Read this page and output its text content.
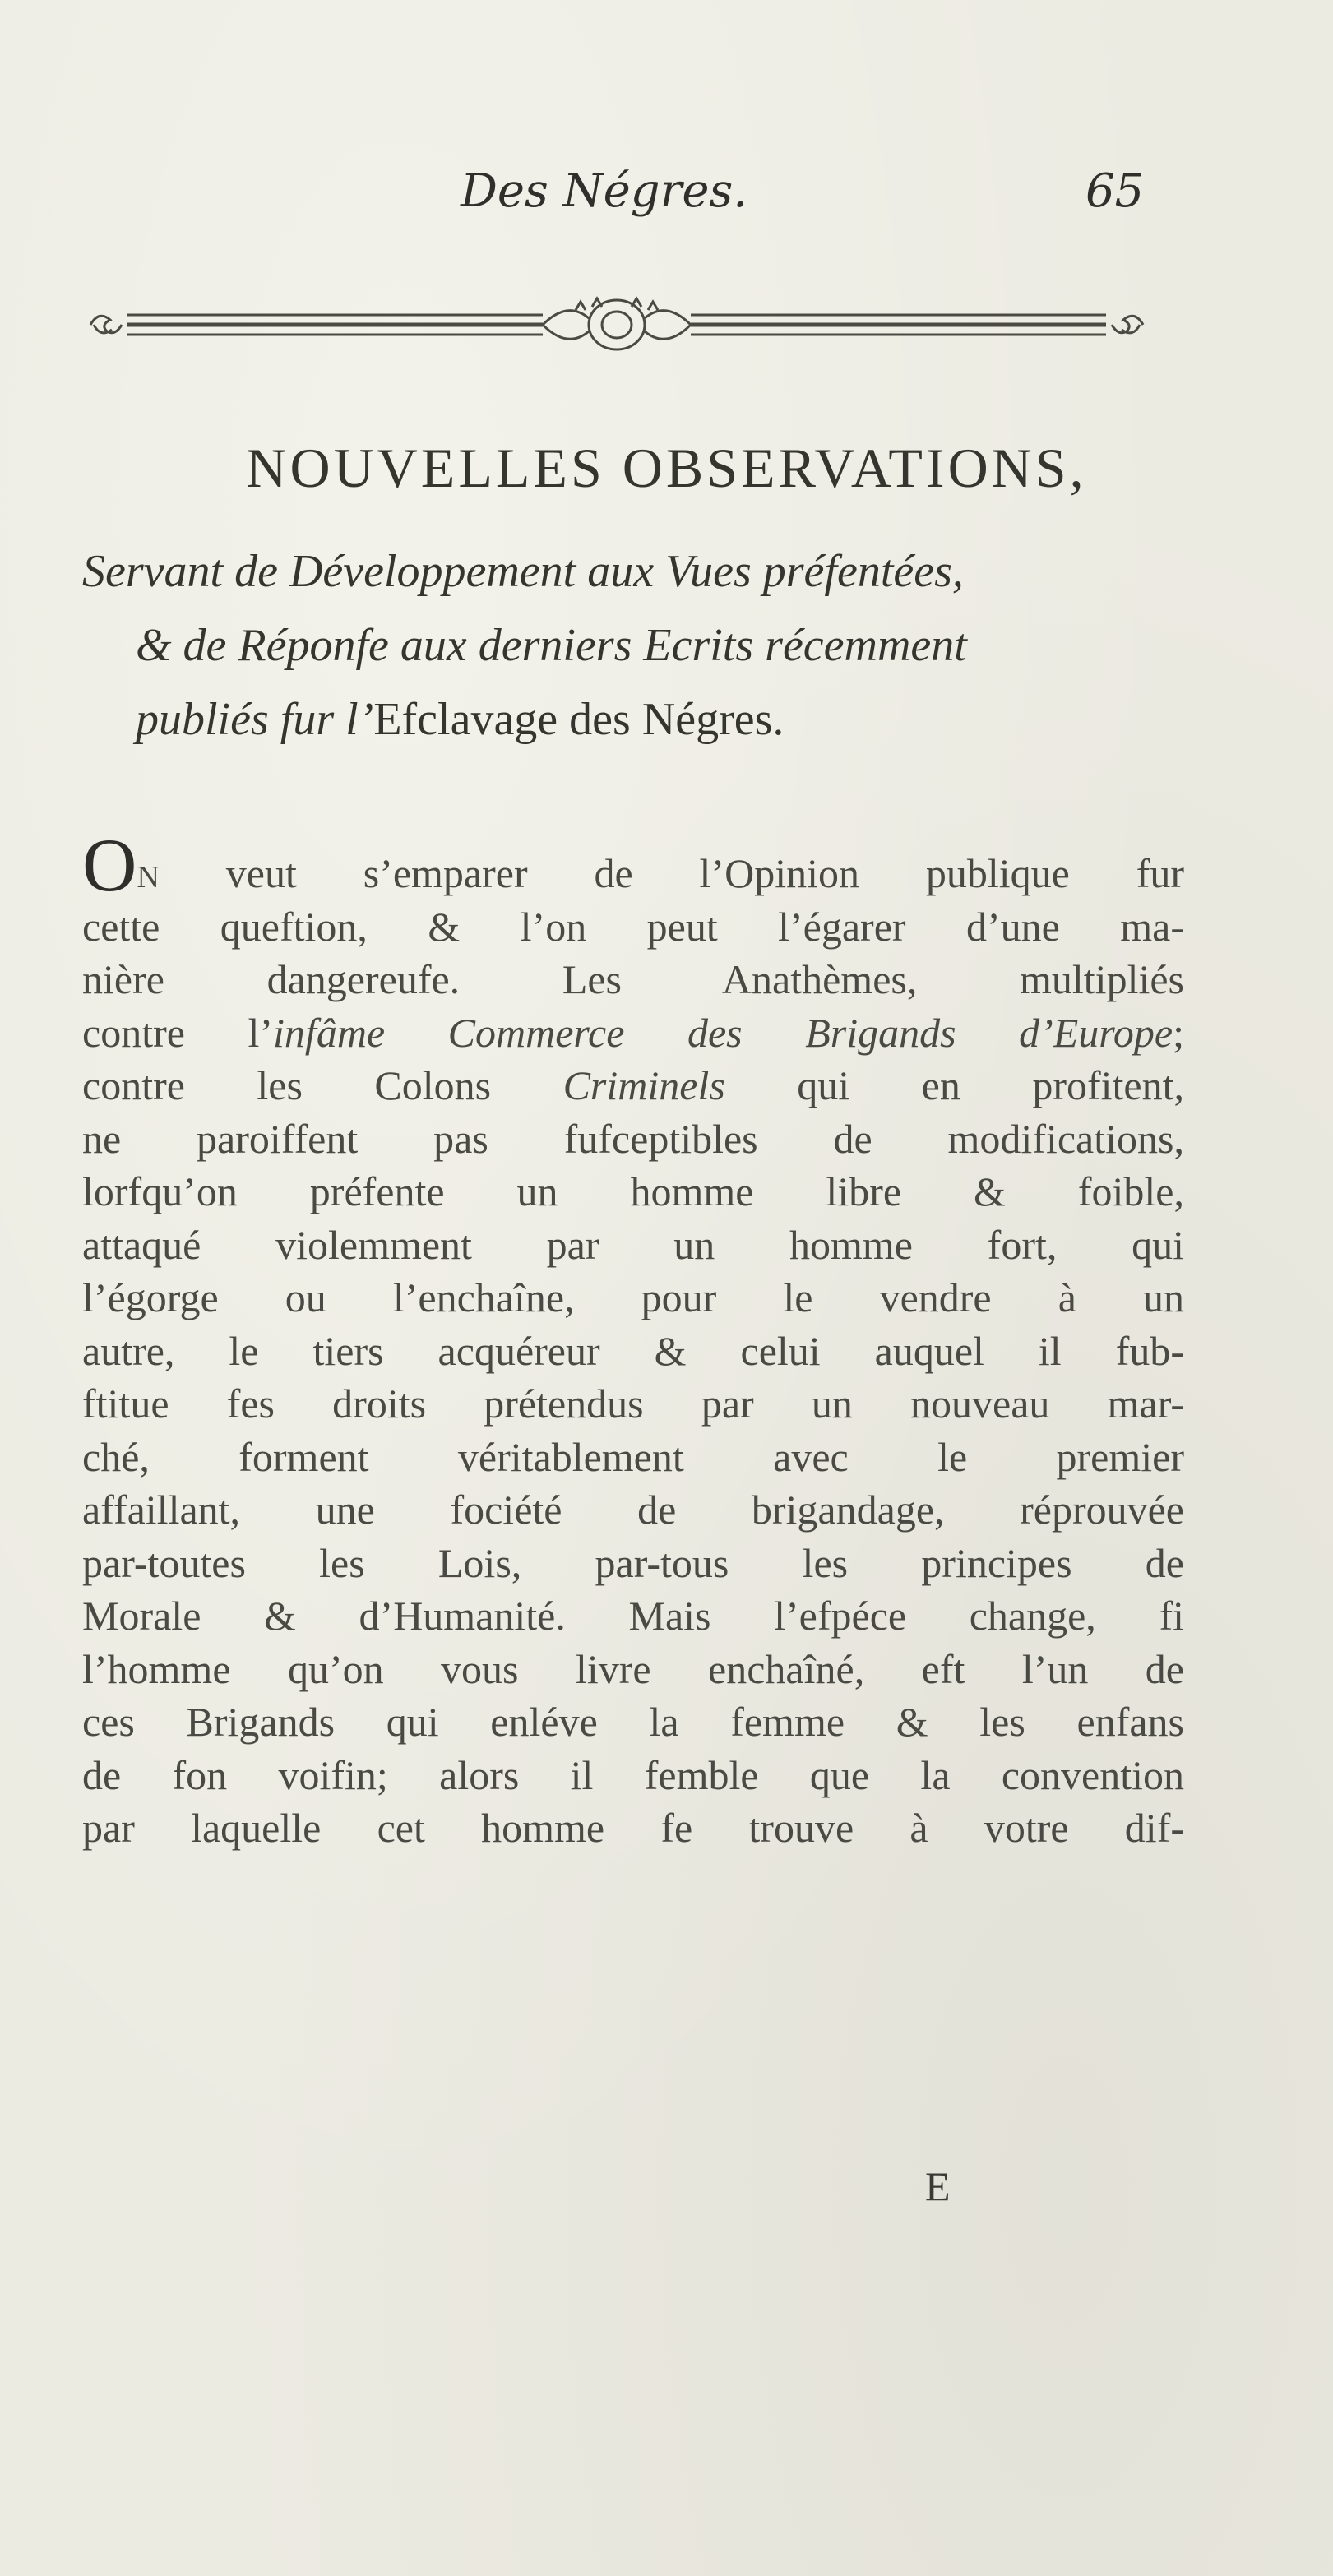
Des Négres.	65
NOUVELLES OBSERVATIONS,
Servant de Développement aux Vues préfentées,
& de Réponfe aux derniers Ecrits récemment
publiés fur l’Efclavage des Négres.
ON veut s’emparer de l’Opinion publique fur
cette queftion, & l’on peut l’égarer d’une ma-
nière dangereufe. Les Anathèmes, multipliés
contre l’infâme Commerce des Brigands d’Europe;
contre les Colons Criminels qui en profitent,
ne paroiffent pas fufceptibles de modifications,
lorfqu’on préfente un homme libre & foible,
attaqué violemment par un homme fort, qui
l’égorge ou l’enchaîne, pour le vendre à un
autre, le tiers acquéreur & celui auquel il fub-
ftitue fes droits prétendus par un nouveau mar-
ché, forment véritablement avec le premier
affaillant, une fociété de brigandage, réprouvée
par-toutes les Lois, par-tous les principes de
Morale & d’Humanité. Mais l’efpéce change, fi
l’homme qu’on vous livre enchaîné, eft l’un de
ces Brigands qui enléve la femme & les enfans
de fon voifin; alors il femble que la convention
par laquelle cet homme fe trouve à votre dif-
E
